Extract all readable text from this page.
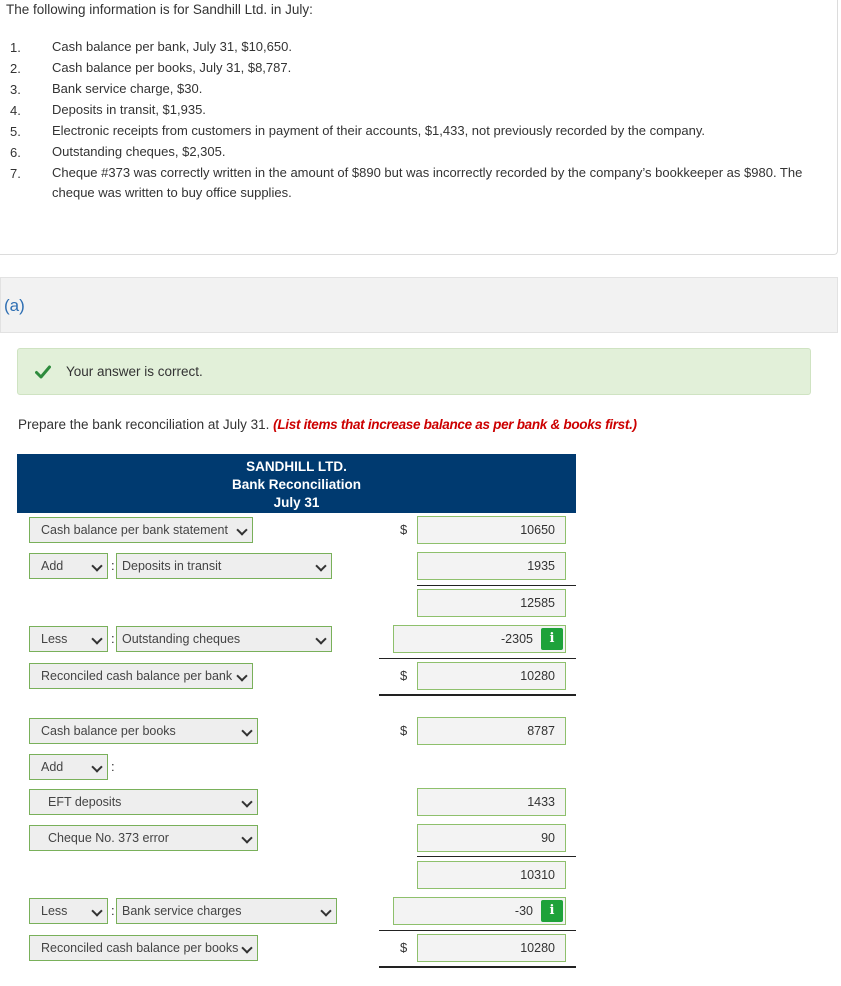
The following information is for Sandhill Ltd. in July:
1. Cash balance per bank, July 31, $10,650.
2. Cash balance per books, July 31, $8,787.
3. Bank service charge, $30.
4. Deposits in transit, $1,935.
5. Electronic receipts from customers in payment of their accounts, $1,433, not previously recorded by the company.
6. Outstanding cheques, $2,305.
7. Cheque #373 was correctly written in the amount of $890 but was incorrectly recorded by the company’s bookkeeper as $980. The cheque was written to buy office supplies.
(a)
Your answer is correct.
Prepare the bank reconciliation at July 31. (List items that increase balance as per bank & books first.)
SANDHILL LTD.
Bank Reconciliation
July 31
Cash balance per bank statement	$	10650
Add	: Deposits in transit	1935
12585
Less	: Outstanding cheques	-2305	i
Reconciled cash balance per bank	$	10280
Cash balance per books	$	8787
Add	:
EFT deposits	1433
Cheque No. 373 error	90
10310
Less	: Bank service charges	-30	i
Reconciled cash balance per books	$	10280
